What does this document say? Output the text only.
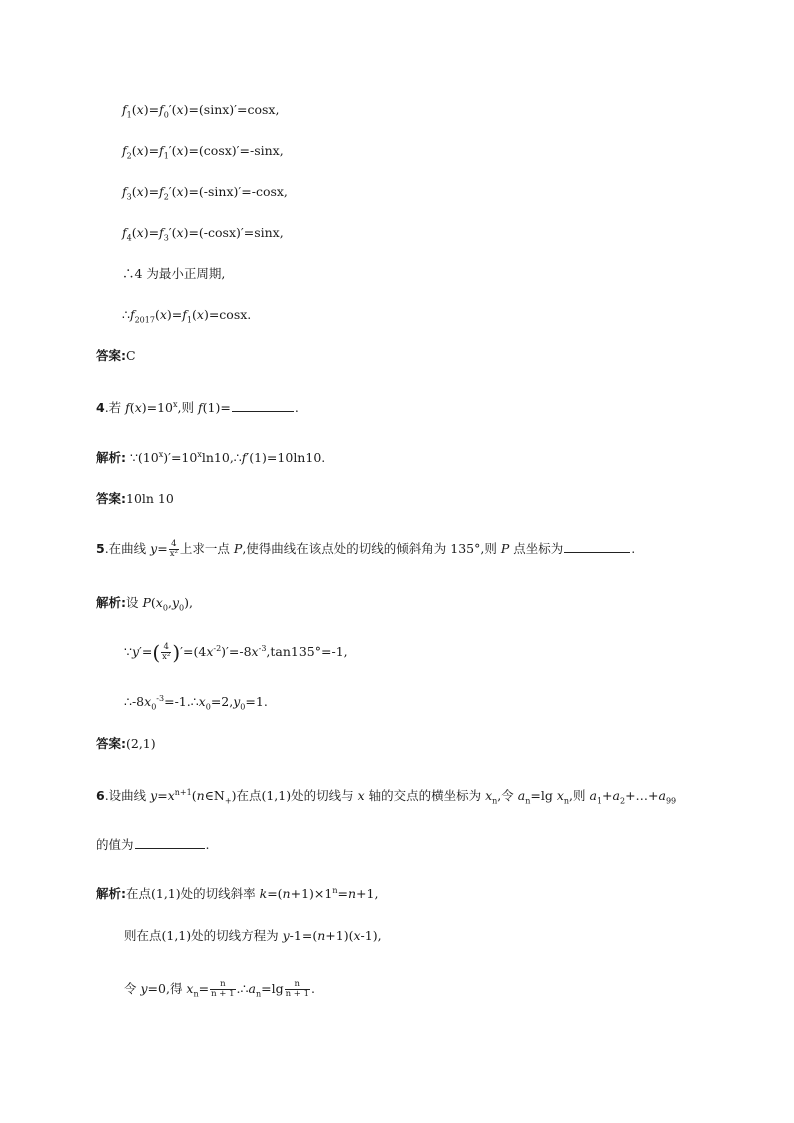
$f_1(x)=f_0'(x)=(\sin x)'=\cos x$,
$f_2(x)=f_1'(x)=(\cos x)'=$-sinx,
$f_3(x)=f_2'(x)=(-\sin x)'=$-cosx,
$f_4(x)=f_3'(x)=(-\cos x)'=\sin x$,
∴4 为最小正周期,
$\therefore f_{2017}(x)=f_1(x)=\cos x$.
答案:C
4.若 $f(x)=10^x$,则 f(1)=	.
解析: $\because(10^x)'=10^x\ln 10,\therefore f'(1)=10\ln 10$.
答案:10ln 10
5.在曲线 $y= \frac{4}{\text{x²}}$ 上求一点 P,使得曲线在该点处的切线的倾斜角为 135°,则 P 点坐标为	.
解析:设 $P(x_0,y_0)$,
∵y′=( $\frac{4}{\text{x²}} )'=(4x^{-2})'=-8x^{-3},\tan 135^\circ=-1$,
$\therefore-8x_0^{-3}=-1.\therefore x_0=2,y_0=1$.
答案:(2,1)
6.设曲线 $y=x^{n+1}(n\in N_+)$在点(1,1)处的切线与 x 轴的交点的横坐标为 $x_n$,令 $a_n=\lg$ $x_n$,则 $a_1+a_2+\dots+a_{99}$
的值为	.
解析:在点(1,1)处的切线斜率 $k=(n+1)\times 1^n=n+1$,
则在点(1,1)处的切线方程为 y-1=(n+1)(x-1),
令 y=0,得 $x_n= \frac{n}{n + 1}$ $.\therefore a_n=\lg \frac{n}{n + 1}$ .
